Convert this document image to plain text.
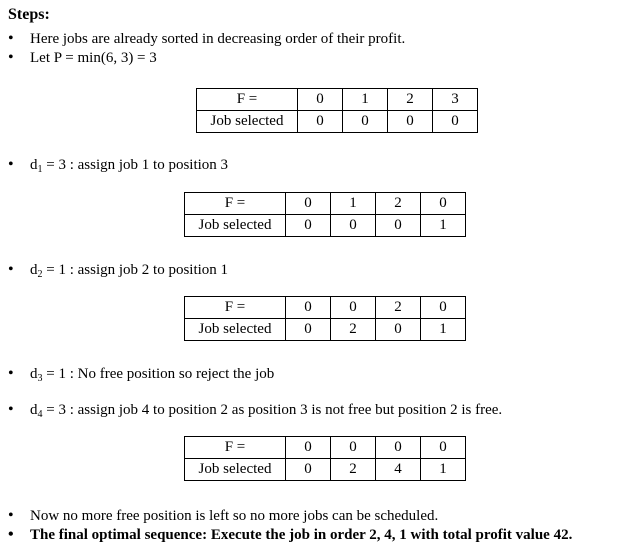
Steps:
•	Here jobs are already sorted in decreasing order of their profit.
•	Let P = min(6, 3) = 3
F =	0	1	2	3
Job selected	0	0	0	0
•	$d_1 = 3$ : assign job 1 to position 3
F =	0	1	2	0
Job selected	0	0	0	1
•	$d_2 = 1$ : assign job 2 to position 1
F =	0	0	2	0
Job selected	0	2	0	1
•	$d_3 = 1$ : No free position so reject the job
•	$d_4 = 3$ : assign job 4 to position 2 as position 3 is not free but position 2 is free.
F =	0	0	0	0
Job selected	0	2	4	1
•	Now no more free position is left so no more jobs can be scheduled.
•	The final optimal sequence: Execute the job in order 2, 4, 1 with total profit value 42.
